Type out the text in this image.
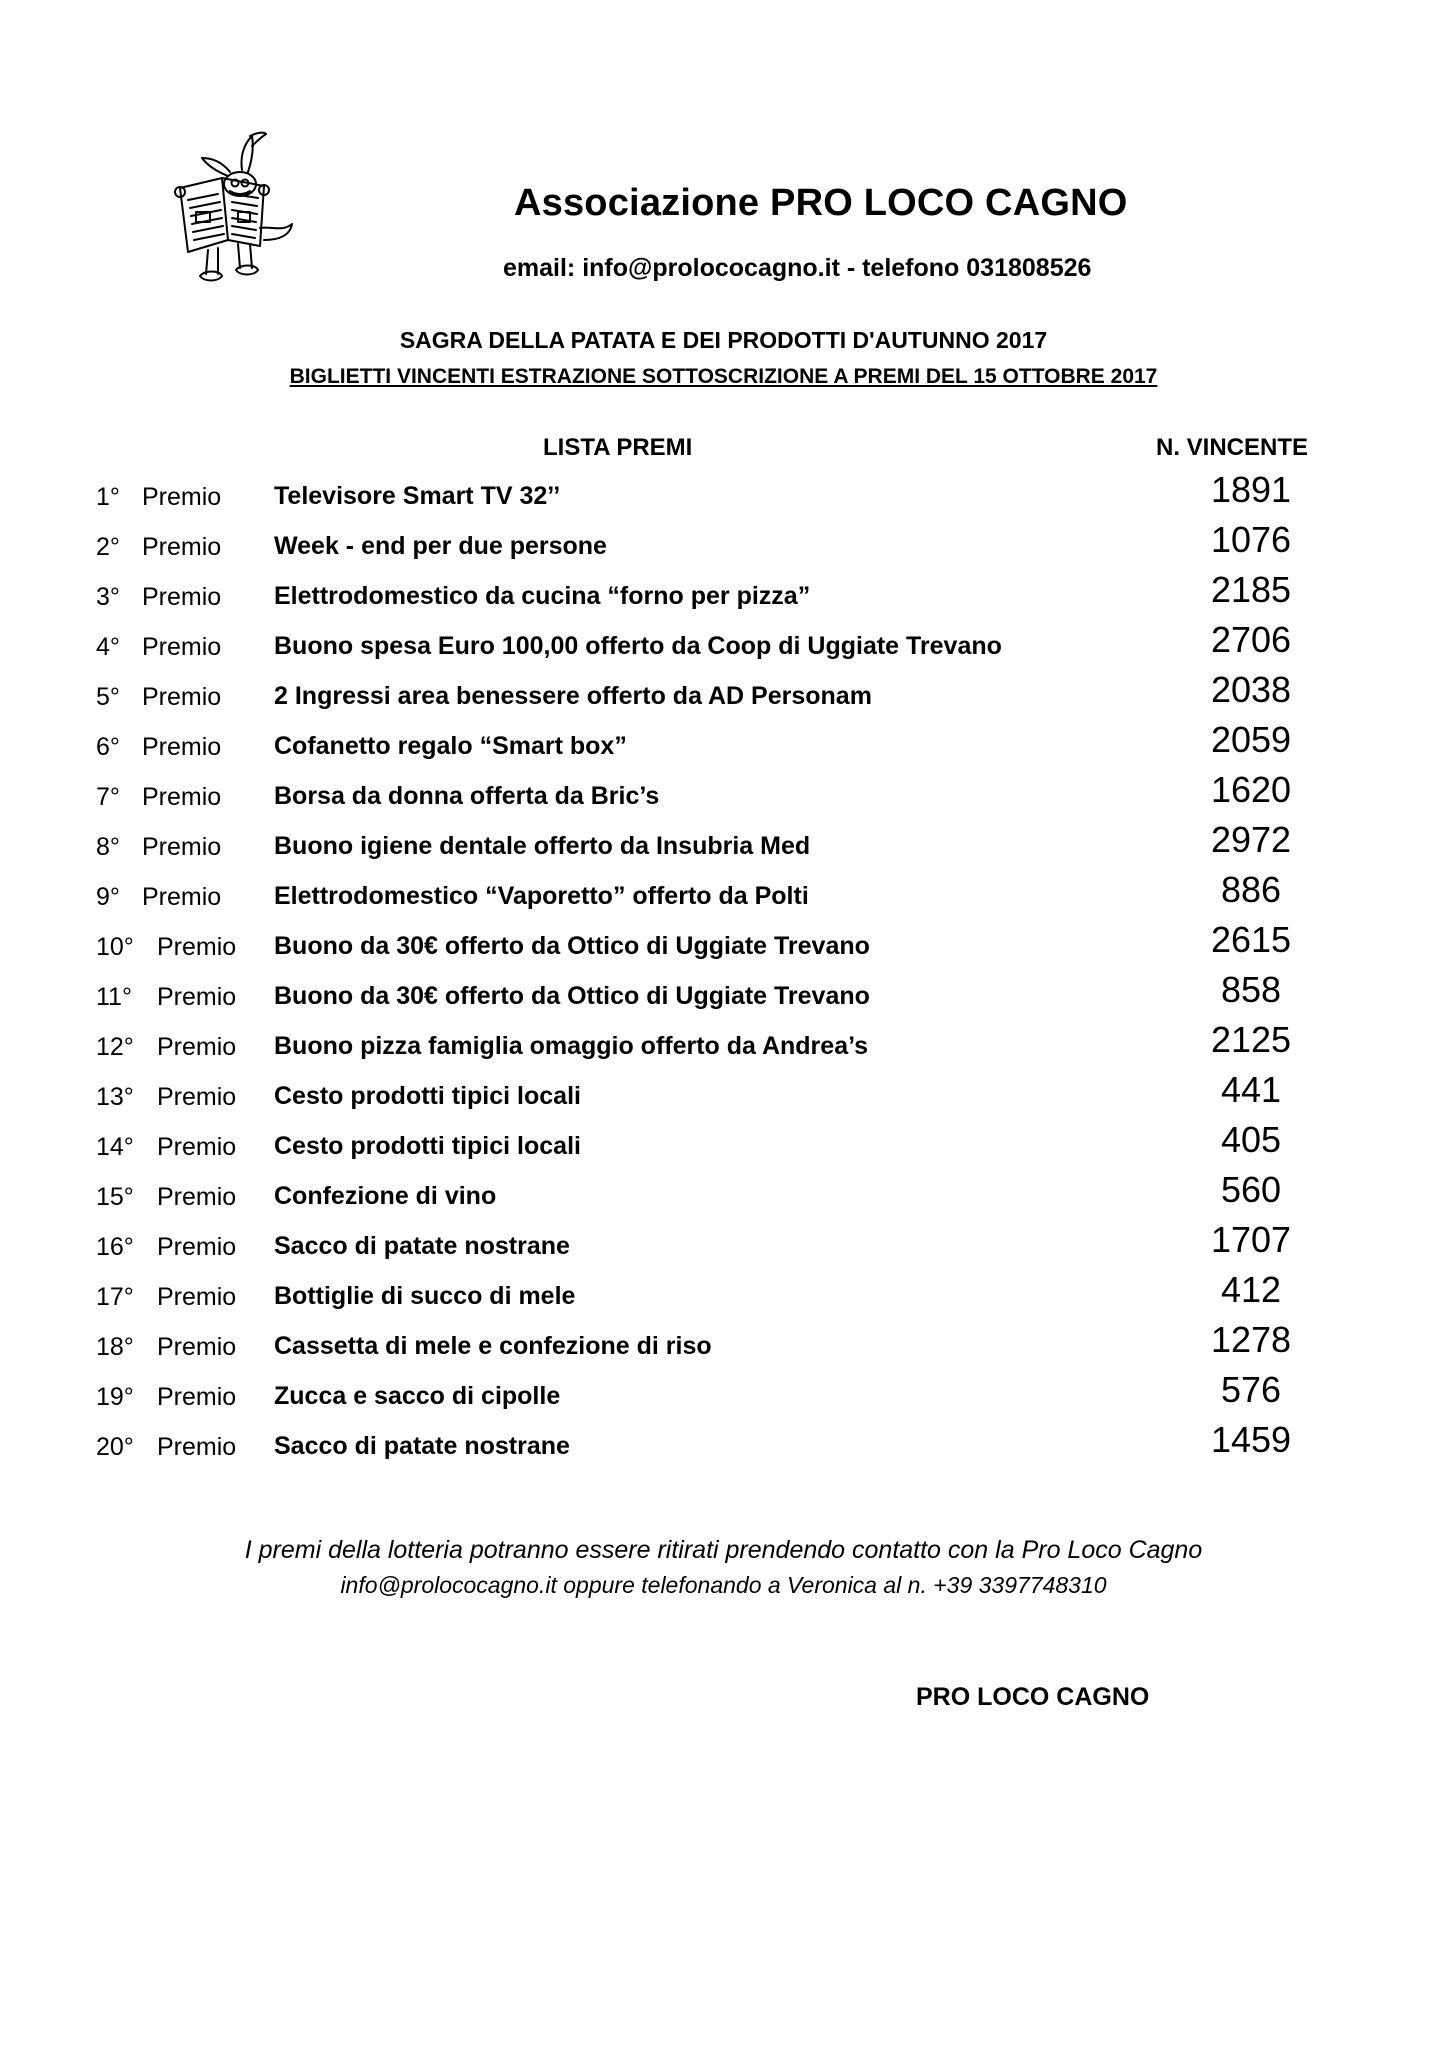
Associazione PRO LOCO CAGNO
email: info@prolococagno.it - telefono 031808526
SAGRA DELLA PATATA E DEI PRODOTTI D'AUTUNNO 2017
BIGLIETTI VINCENTI ESTRAZIONE SOTTOSCRIZIONE A PREMI DEL 15 OTTOBRE 2017
LISTA PREMI	N. VINCENTE
1° Premio Televisore Smart TV 32’’	1891
2° Premio Week - end per due persone	1076
3° Premio Elettrodomestico da cucina “forno per pizza”	2185
4° Premio Buono spesa Euro 100,00 offerto da Coop di Uggiate Trevano	2706
5° Premio 2 Ingressi area benessere offerto da AD Personam	2038
6° Premio Cofanetto regalo “Smart box”	2059
7° Premio Borsa da donna offerta da Bric’s	1620
8° Premio Buono igiene dentale offerto da Insubria Med	2972
9° Premio Elettrodomestico “Vaporetto” offerto da Polti	886
10° Premio Buono da 30€ offerto da Ottico di Uggiate Trevano	2615
11° Premio Buono da 30€ offerto da Ottico di Uggiate Trevano	858
12° Premio Buono pizza famiglia omaggio offerto da Andrea’s	2125
13° Premio Cesto prodotti tipici locali	441
14° Premio Cesto prodotti tipici locali	405
15° Premio Confezione di vino	560
16° Premio Sacco di patate nostrane	1707
17° Premio Bottiglie di succo di mele	412
18° Premio Cassetta di mele e confezione di riso	1278
19° Premio Zucca e sacco di cipolle	576
20° Premio Sacco di patate nostrane	1459
I premi della lotteria potranno essere ritirati prendendo contatto con la Pro Loco Cagno
info@prolococagno.it oppure telefonando a Veronica al n. +39 3397748310
PRO LOCO CAGNO
